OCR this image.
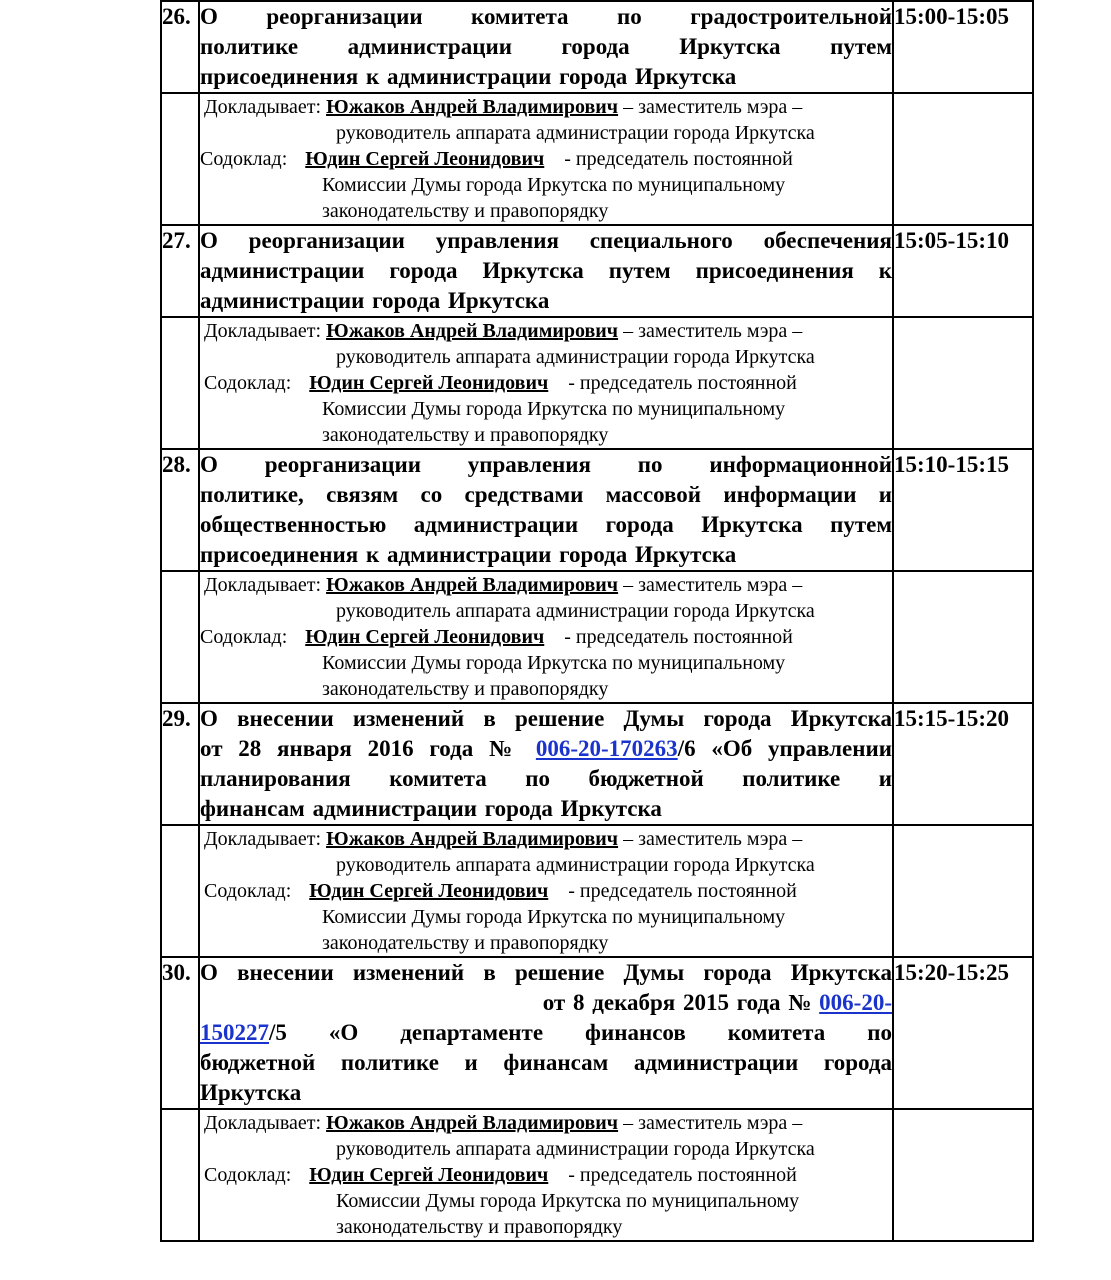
26.	О реорганизации комитета по градостроительной
политике администрации города Иркутска путем
присоединения к администрации города Иркутска	15:00-15:05

	Докладывает: Южаков Андрей Владимирович – заместитель мэра –
руководитель аппарата администрации города Иркутска
Содоклад: Юдин Сергей Леонидович - председатель постоянной
Комиссии Думы города Иркутска по муниципальному
законодательству и правопорядку	

27.	О реорганизации управления специального обеспечения
администрации города Иркутска путем присоединения к
администрации города Иркутска	15:05-15:10

	Докладывает: Южаков Андрей Владимирович – заместитель мэра –
руководитель аппарата администрации города Иркутска
Содоклад: Юдин Сергей Леонидович - председатель постоянной
Комиссии Думы города Иркутска по муниципальному
законодательству и правопорядку	

28.	О реорганизации управления по информационной
политике, связям со средствами массовой информации и
общественностью администрации города Иркутска путем
присоединения к администрации города Иркутска	15:10-15:15

	Докладывает: Южаков Андрей Владимирович – заместитель мэра –
руководитель аппарата администрации города Иркутска
Содоклад: Юдин Сергей Леонидович - председатель постоянной
Комиссии Думы города Иркутска по муниципальному
законодательству и правопорядку	

29.	О внесении изменений в решение Думы города Иркутска
от 28 января 2016 года № 006-20-170263/6 «Об управлении
планирования комитета по бюджетной политике и
финансам администрации города Иркутска	15:15-15:20

	Докладывает: Южаков Андрей Владимирович – заместитель мэра –
руководитель аппарата администрации города Иркутска
Содоклад: Юдин Сергей Леонидович - председатель постоянной
Комиссии Думы города Иркутска по муниципальному
законодательству и правопорядку	

30.	О внесении изменений в решение Думы города Иркутска
от 8 декабря 2015 года № 006-20-
150227/5 «О департаменте финансов комитета по
бюджетной политике и финансам администрации города
Иркутска	15:20-15:25

	Докладывает: Южаков Андрей Владимирович – заместитель мэра –
руководитель аппарата администрации города Иркутска
Содоклад: Юдин Сергей Леонидович - председатель постоянной
Комиссии Думы города Иркутска по муниципальному
законодательству и правопорядку	
